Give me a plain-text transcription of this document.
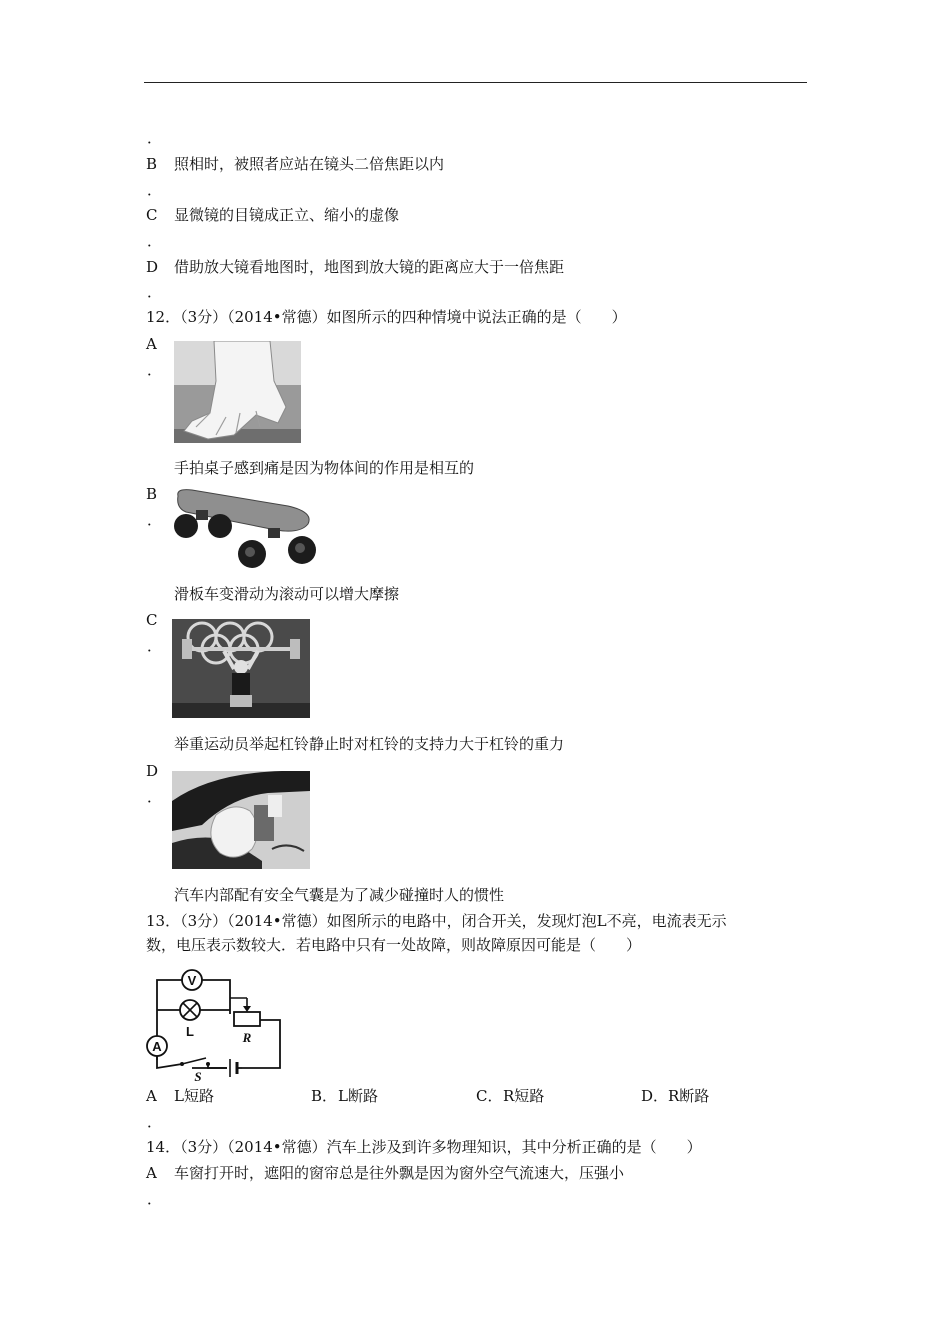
．
B 照相时，被照者应站在镜头二倍焦距以内
．
C 显微镜的目镜成正立、缩小的虚像
．
D 借助放大镜看地图时，地图到放大镜的距离应大于一倍焦距
．
12．（3分）（2014•常德）如图所示的四种情境中说法正确的是（　　）
A
．
手拍桌子感到痛是因为物体间的作用是相互的
B
．
滑板车变滑动为滚动可以增大摩擦
C
．
举重运动员举起杠铃静止时对杠铃的支持力大于杠铃的重力
D
．
汽车内部配有安全气囊是为了减少碰撞时人的惯性
13．（3分）（2014•常德）如图所示的电路中，闭合开关，发现灯泡L不亮，电流表无示
数，电压表示数较大．若电路中只有一处故障，则故障原因可能是（　　）
V
L	R
A
S
A L短路	B． L断路	C． R短路	D． R断路
．
14．（3分）（2014•常德）汽车上涉及到许多物理知识，其中分析正确的是（　　）
A 车窗打开时，遮阳的窗帘总是往外飘是因为窗外空气流速大，压强小
．
